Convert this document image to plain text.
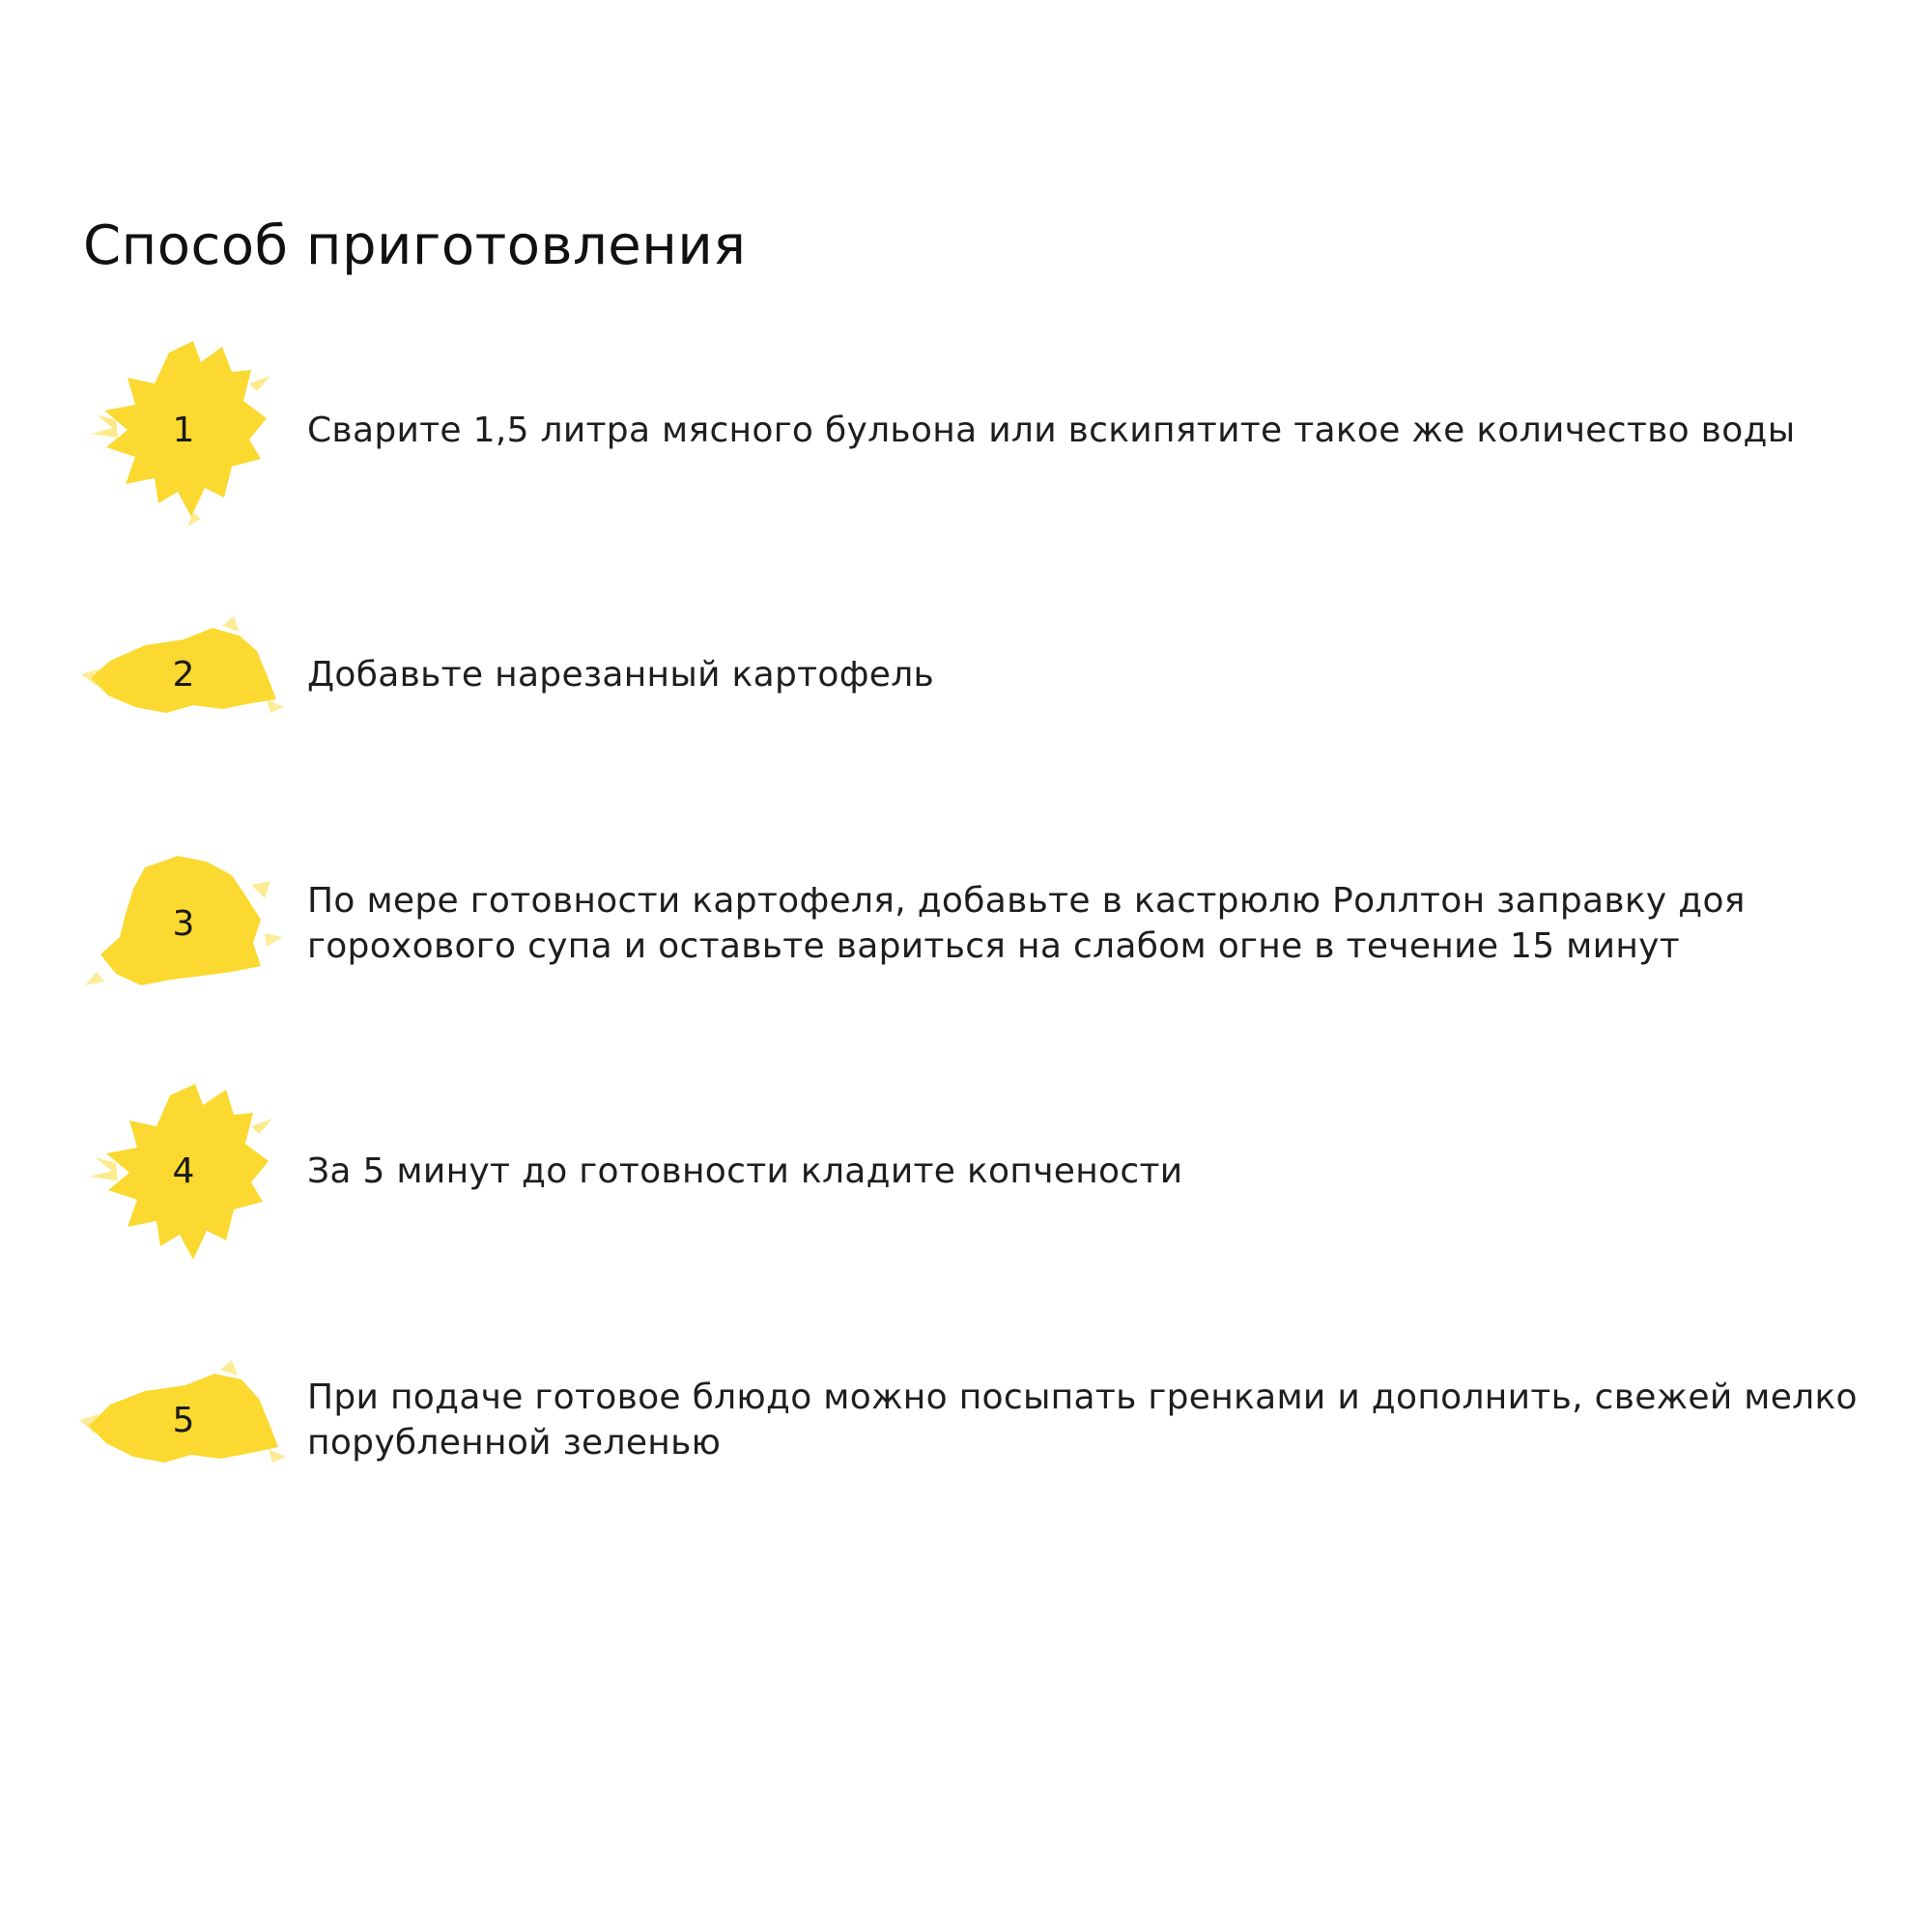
Способ приготовления
1	Сварите 1,5 литра мясного бульона или вскипятите такое же количество воды
2	Добавьте нарезанный картофель
3
По мере готовности картофеля, добавьте в кастрюлю Роллтон заправку доя горохового супа и оставьте вариться на слабом огне в течение 15 минут
4	За 5 минут до готовности кладите копчености
5
При подаче готовое блюдо можно посыпать гренками и дополнить, свежей мелко порубленной зеленью
